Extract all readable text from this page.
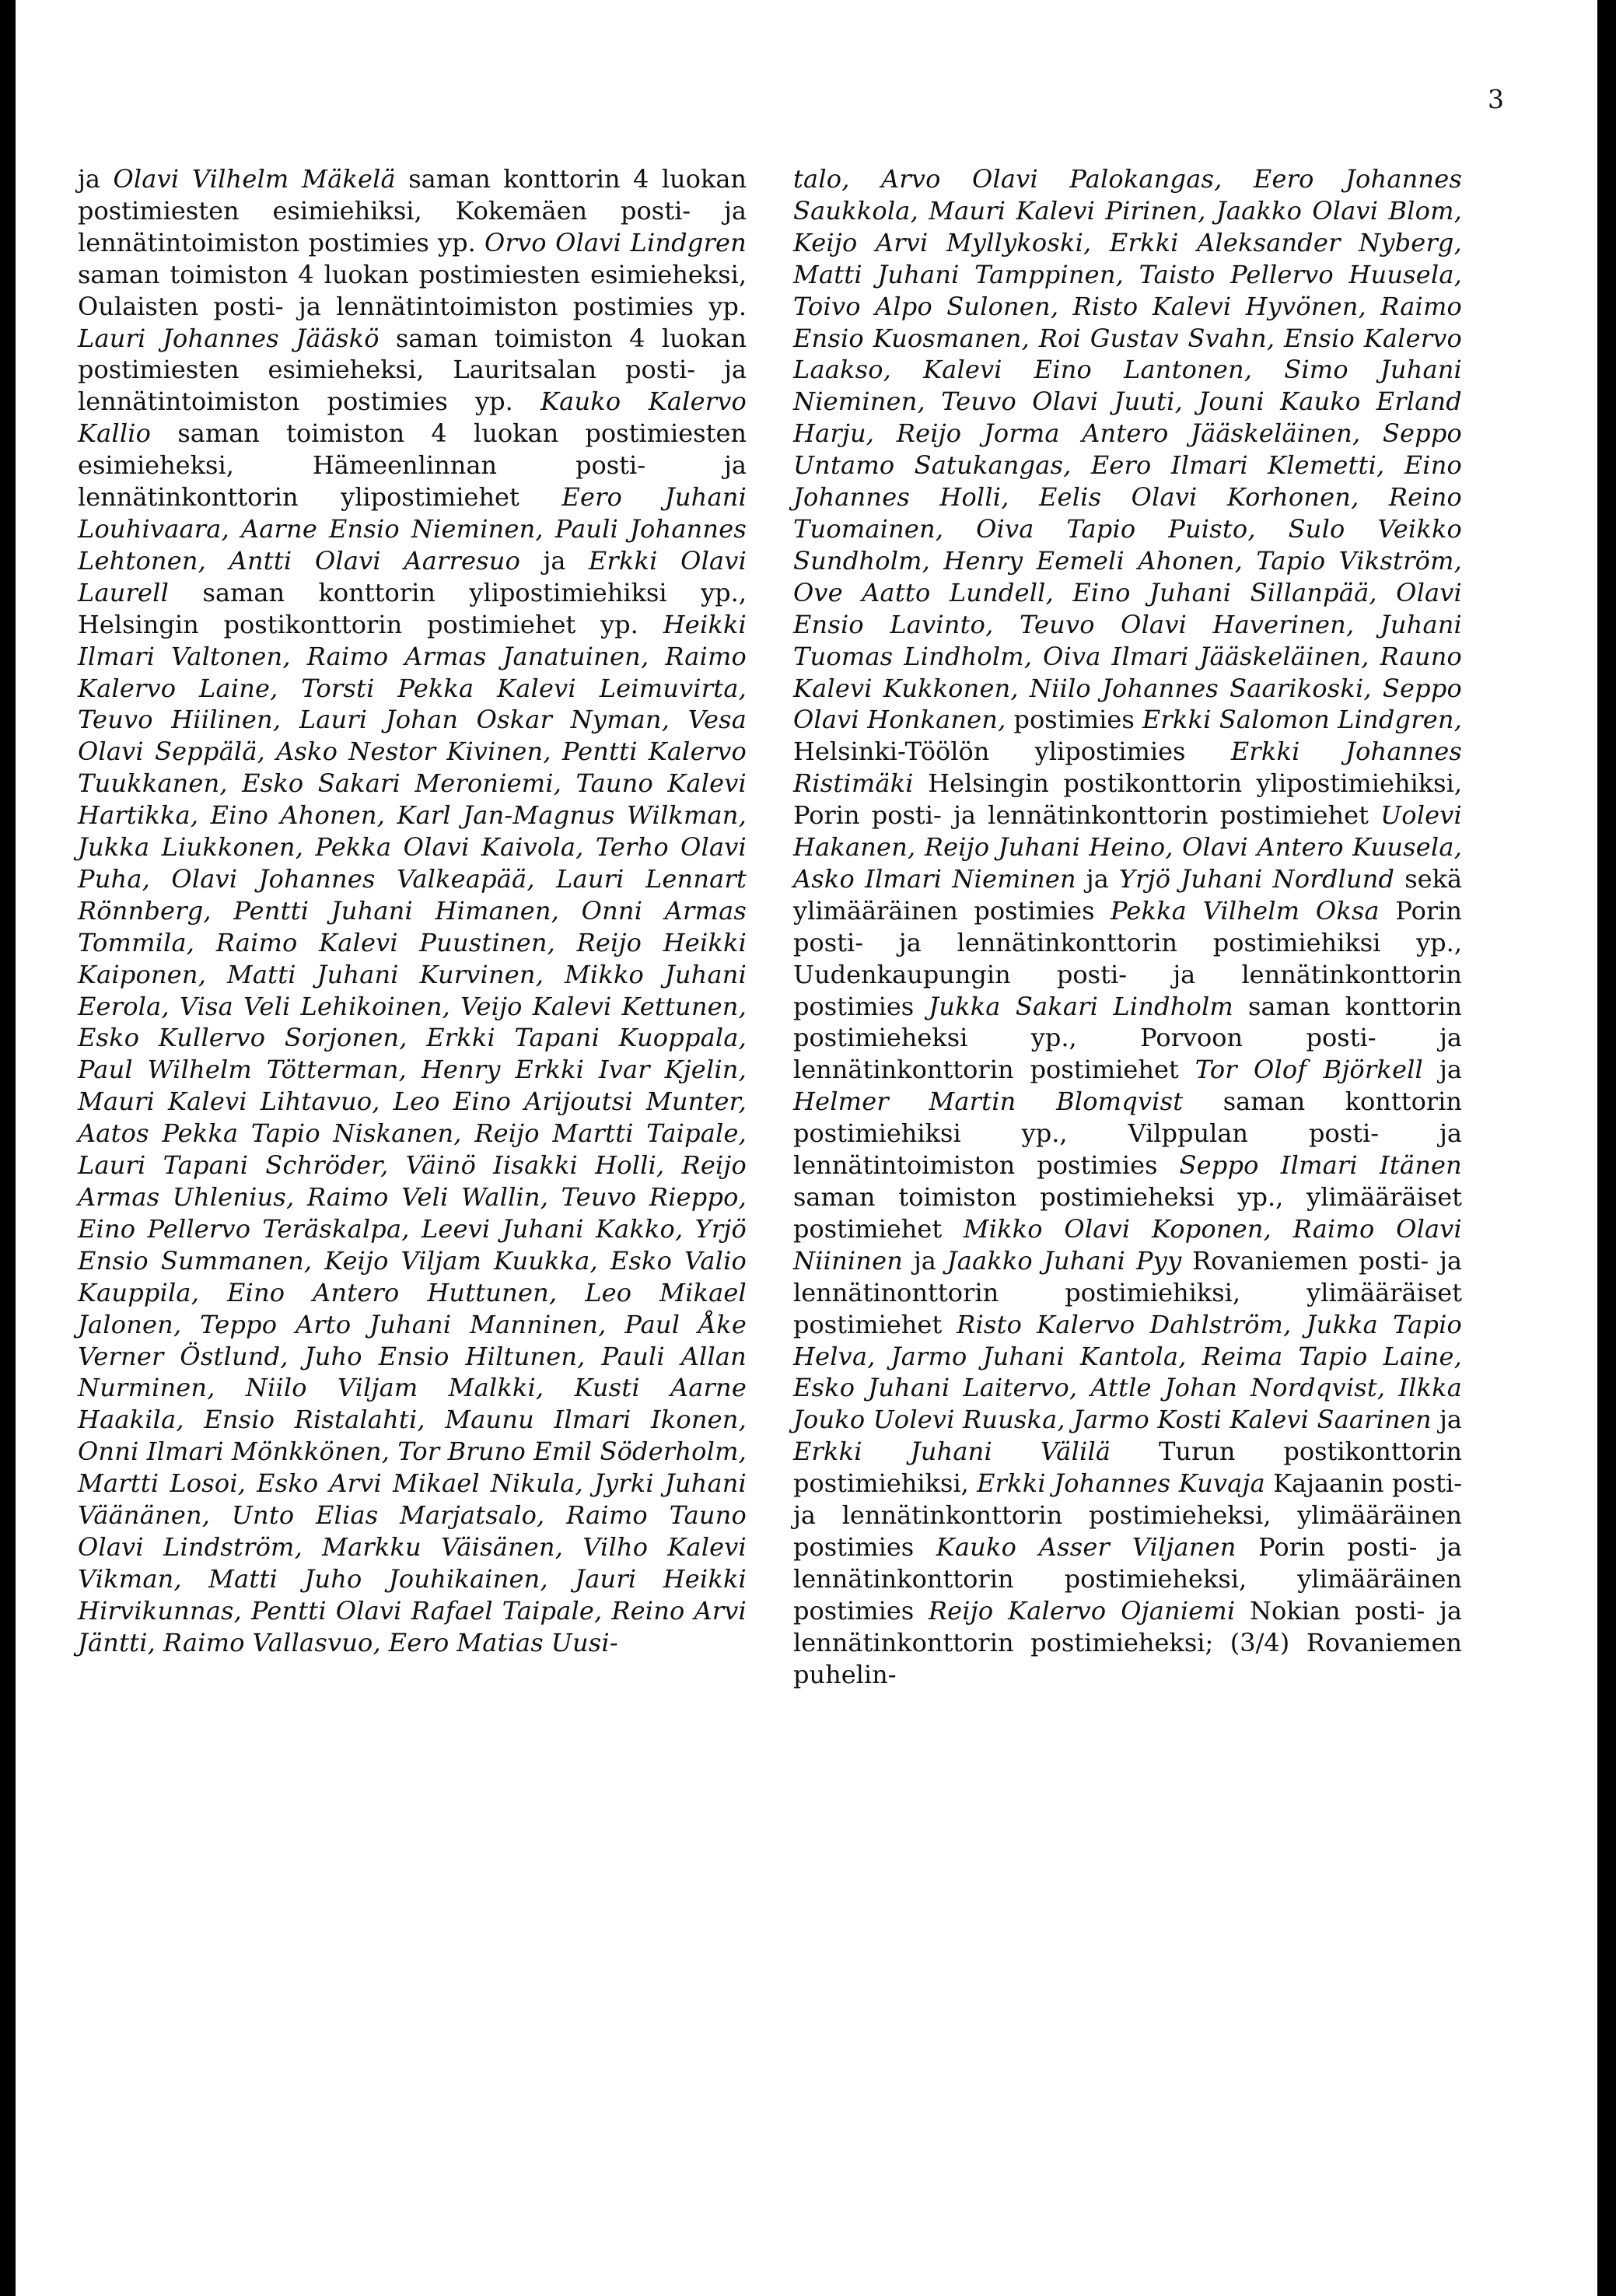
3

ja Olavi Vilhelm Mäkelä saman konttorin 4 luokan postimiesten esimiehiksi, Kokemäen posti- ja lennätintoimiston postimies yp. Orvo Olavi Lindgren saman toimiston 4 luokan postimiesten esimieheksi, Oulaisten posti- ja lennätintoimiston postimies yp. Lauri Johannes Jääskö saman toimiston 4 luokan postimiesten esimieheksi, Lauritsalan posti- ja lennätintoimiston postimies yp. Kauko Kalervo Kallio saman toimiston 4 luokan postimiesten esimieheksi, Hämeenlinnan posti- ja lennätinkonttorin ylipostimiehet Eero Juhani Louhivaara, Aarne Ensio Nieminen, Pauli Johannes Lehtonen, Antti Olavi Aarresuo ja Erkki Olavi Laurell saman konttorin ylipostimiehiksi yp., Helsingin postikonttorin postimiehet yp. Heikki Ilmari Valtonen, Raimo Armas Janatuinen, Raimo Kalervo Laine, Torsti Pekka Kalevi Leimuvirta, Teuvo Hiilinen, Lauri Johan Oskar Nyman, Vesa Olavi Seppälä, Asko Nestor Kivinen, Pentti Kalervo Tuukkanen, Esko Sakari Meroniemi, Tauno Kalevi Hartikka, Eino Ahonen, Karl Jan-Magnus Wilkman, Jukka Liukkonen, Pekka Olavi Kaivola, Terho Olavi Puha, Olavi Johannes Valkeapää, Lauri Lennart Rönnberg, Pentti Juhani Himanen, Onni Armas Tommila, Raimo Kalevi Puustinen, Reijo Heikki Kaiponen, Matti Juhani Kurvinen, Mikko Juhani Eerola, Visa Veli Lehikoinen, Veijo Kalevi Kettunen, Esko Kullervo Sorjonen, Erkki Tapani Kuoppala, Paul Wilhelm Tötterman, Henry Erkki Ivar Kjelin, Mauri Kalevi Lihtavuo, Leo Eino Arijoutsi Munter, Aatos Pekka Tapio Niskanen, Reijo Martti Taipale, Lauri Tapani Schröder, Väinö Iisakki Holli, Reijo Armas Uhlenius, Raimo Veli Wallin, Teuvo Rieppo, Eino Pellervo Teräskalpa, Leevi Juhani Kakko, Yrjö Ensio Summanen, Keijo Viljam Kuukka, Esko Valio Kauppila, Eino Antero Huttunen, Leo Mikael Jalonen, Teppo Arto Juhani Manninen, Paul Åke Verner Östlund, Juho Ensio Hiltunen, Pauli Allan Nurminen, Niilo Viljam Malkki, Kusti Aarne Haakila, Ensio Ristalahti, Maunu Ilmari Ikonen, Onni Ilmari Mönkkönen, Tor Bruno Emil Söderholm, Martti Losoi, Esko Arvi Mikael Nikula, Jyrki Juhani Väänänen, Unto Elias Marjatsalo, Raimo Tauno Olavi Lindström, Markku Väisänen, Vilho Kalevi Vikman, Matti Juho Jouhikainen, Jauri Heikki Hirvikunnas, Pentti Olavi Rafael Taipale, Reino Arvi Jäntti, Raimo Vallasvuo, Eero Matias Uusi-

talo, Arvo Olavi Palokangas, Eero Johannes Saukkola, Mauri Kalevi Pirinen, Jaakko Olavi Blom, Keijo Arvi Myllykoski, Erkki Aleksander Nyberg, Matti Juhani Tamppinen, Taisto Pellervo Huusela, Toivo Alpo Sulonen, Risto Kalevi Hyvönen, Raimo Ensio Kuosmanen, Roi Gustav Svahn, Ensio Kalervo Laakso, Kalevi Eino Lantonen, Simo Juhani Nieminen, Teuvo Olavi Juuti, Jouni Kauko Erland Harju, Reijo Jorma Antero Jääskeläinen, Seppo Untamo Satukangas, Eero Ilmari Klemetti, Eino Johannes Holli, Eelis Olavi Korhonen, Reino Tuomainen, Oiva Tapio Puisto, Sulo Veikko Sundholm, Henry Eemeli Ahonen, Tapio Vikström, Ove Aatto Lundell, Eino Juhani Sillanpää, Olavi Ensio Lavinto, Teuvo Olavi Haverinen, Juhani Tuomas Lindholm, Oiva Ilmari Jääskeläinen, Rauno Kalevi Kukkonen, Niilo Johannes Saarikoski, Seppo Olavi Honkanen, postimies Erkki Salomon Lindgren, Helsinki-Töölön ylipostimies Erkki Johannes Ristimäki Helsingin postikonttorin ylipostimiehiksi, Porin posti- ja lennätinkonttorin postimiehet Uolevi Hakanen, Reijo Juhani Heino, Olavi Antero Kuusela, Asko Ilmari Nieminen ja Yrjö Juhani Nordlund sekä ylimääräinen postimies Pekka Vilhelm Oksa Porin posti- ja lennätinkonttorin postimiehiksi yp., Uudenkaupungin posti- ja lennätinkonttorin postimies Jukka Sakari Lindholm saman konttorin postimieheksi yp., Porvoon posti- ja lennätinkonttorin postimiehet Tor Olof Björkell ja Helmer Martin Blomqvist saman konttorin postimiehiksi yp., Vilppulan posti- ja lennätintoimiston postimies Seppo Ilmari Itänen saman toimiston postimieheksi yp., ylimääräiset postimiehet Mikko Olavi Koponen, Raimo Olavi Niininen ja Jaakko Juhani Pyy Rovaniemen posti- ja lennätinonttorin postimiehiksi, ylimääräiset postimiehet Risto Kalervo Dahlström, Jukka Tapio Helva, Jarmo Juhani Kantola, Reima Tapio Laine, Esko Juhani Laitervo, Attle Johan Nordqvist, Ilkka Jouko Uolevi Ruuska, Jarmo Kosti Kalevi Saarinen ja Erkki Juhani Välilä Turun postikonttorin postimiehiksi, Erkki Johannes Kuvaja Kajaanin posti- ja lennätinkonttorin postimieheksi, ylimääräinen postimies Kauko Asser Viljanen Porin posti- ja lennätinkonttorin postimieheksi, ylimääräinen postimies Reijo Kalervo Ojaniemi Nokian posti- ja lennätinkonttorin postimieheksi; (3/4) Rovaniemen puhelin-
